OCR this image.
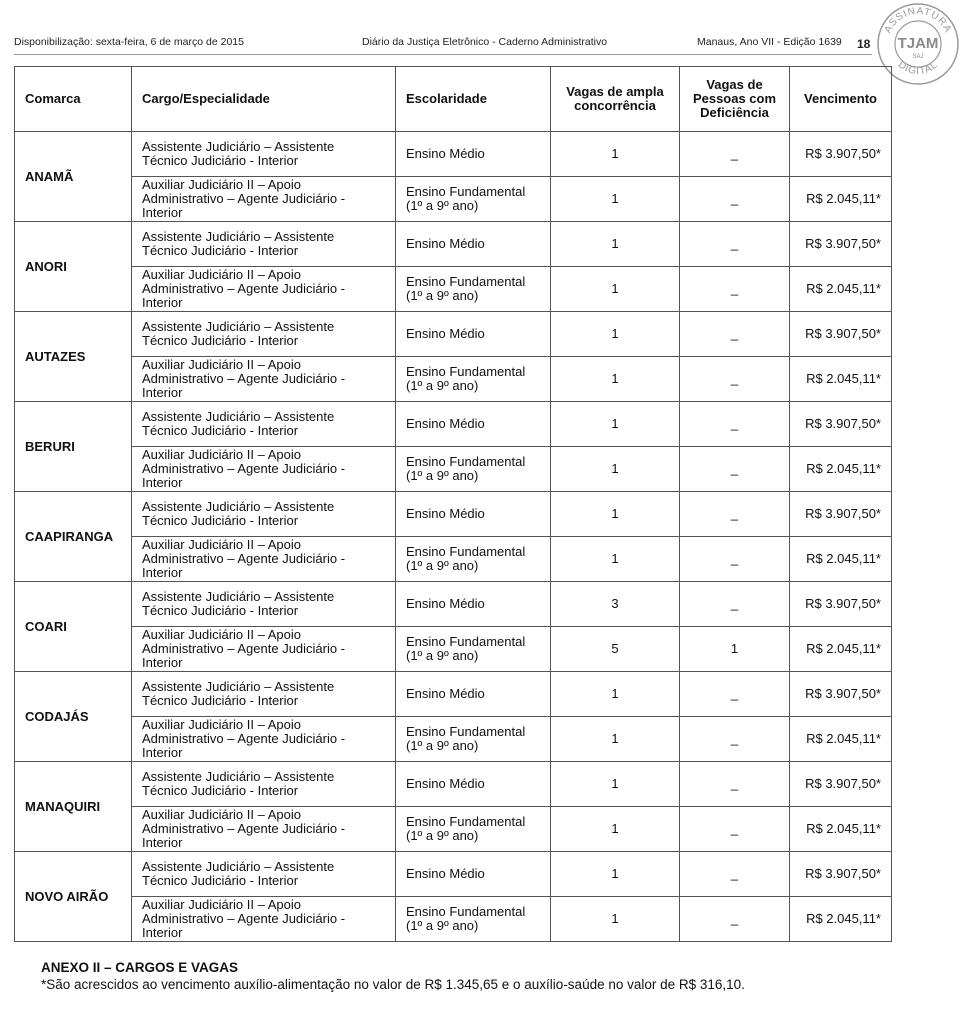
Disponibilização: sexta-feira, 6 de março de 2015	Diário da Justiça Eletrônico - Caderno Administrativo	Manaus, Ano VII - Edição 1639 18
ASSINATURA
DIGITAL
TJAM
SAJ
Comarca	Cargo/Especialidade	Escolaridade	Vagas de ampla
concorrência	Vagas de
Pessoas com
Deficiência	Vencimento
ANAMÃ	Assistente Judiciário – Assistente
Técnico Judiciário - Interior	Ensino Médio	1	_	R$ 3.907,50*
	Auxiliar Judiciário II – Apoio
Administrativo – Agente Judiciário -
Interior	Ensino Fundamental
(1º a 9º ano)	1	_	R$ 2.045,11*
ANORI	Assistente Judiciário – Assistente
Técnico Judiciário - Interior	Ensino Médio	1	_	R$ 3.907,50*
	Auxiliar Judiciário II – Apoio
Administrativo – Agente Judiciário -
Interior	Ensino Fundamental
(1º a 9º ano)	1	_	R$ 2.045,11*
AUTAZES	Assistente Judiciário – Assistente
Técnico Judiciário - Interior	Ensino Médio	1	_	R$ 3.907,50*
	Auxiliar Judiciário II – Apoio
Administrativo – Agente Judiciário -
Interior	Ensino Fundamental
(1º a 9º ano)	1	_	R$ 2.045,11*
BERURI	Assistente Judiciário – Assistente
Técnico Judiciário - Interior	Ensino Médio	1	_	R$ 3.907,50*
	Auxiliar Judiciário II – Apoio
Administrativo – Agente Judiciário -
Interior	Ensino Fundamental
(1º a 9º ano)	1	_	R$ 2.045,11*
CAAPIRANGA	Assistente Judiciário – Assistente
Técnico Judiciário - Interior	Ensino Médio	1	_	R$ 3.907,50*
	Auxiliar Judiciário II – Apoio
Administrativo – Agente Judiciário -
Interior	Ensino Fundamental
(1º a 9º ano)	1	_	R$ 2.045,11*
COARI	Assistente Judiciário – Assistente
Técnico Judiciário - Interior	Ensino Médio	3	_	R$ 3.907,50*
	Auxiliar Judiciário II – Apoio
Administrativo – Agente Judiciário -
Interior	Ensino Fundamental
(1º a 9º ano)	5	1	R$ 2.045,11*
CODAJÁS	Assistente Judiciário – Assistente
Técnico Judiciário - Interior	Ensino Médio	1	_	R$ 3.907,50*
	Auxiliar Judiciário II – Apoio
Administrativo – Agente Judiciário -
Interior	Ensino Fundamental
(1º a 9º ano)	1	_	R$ 2.045,11*
MANAQUIRI	Assistente Judiciário – Assistente
Técnico Judiciário - Interior	Ensino Médio	1	_	R$ 3.907,50*
	Auxiliar Judiciário II – Apoio
Administrativo – Agente Judiciário -
Interior	Ensino Fundamental
(1º a 9º ano)	1	_	R$ 2.045,11*
NOVO AIRÃO	Assistente Judiciário – Assistente
Técnico Judiciário - Interior	Ensino Médio	1	_	R$ 3.907,50*
	Auxiliar Judiciário II – Apoio
Administrativo – Agente Judiciário -
Interior	Ensino Fundamental
(1º a 9º ano)	1	_	R$ 2.045,11*
ANEXO II – CARGOS E VAGAS
*São acrescidos ao vencimento auxílio-alimentação no valor de R$ 1.345,65 e o auxílio-saúde no valor de R$ 316,10.
